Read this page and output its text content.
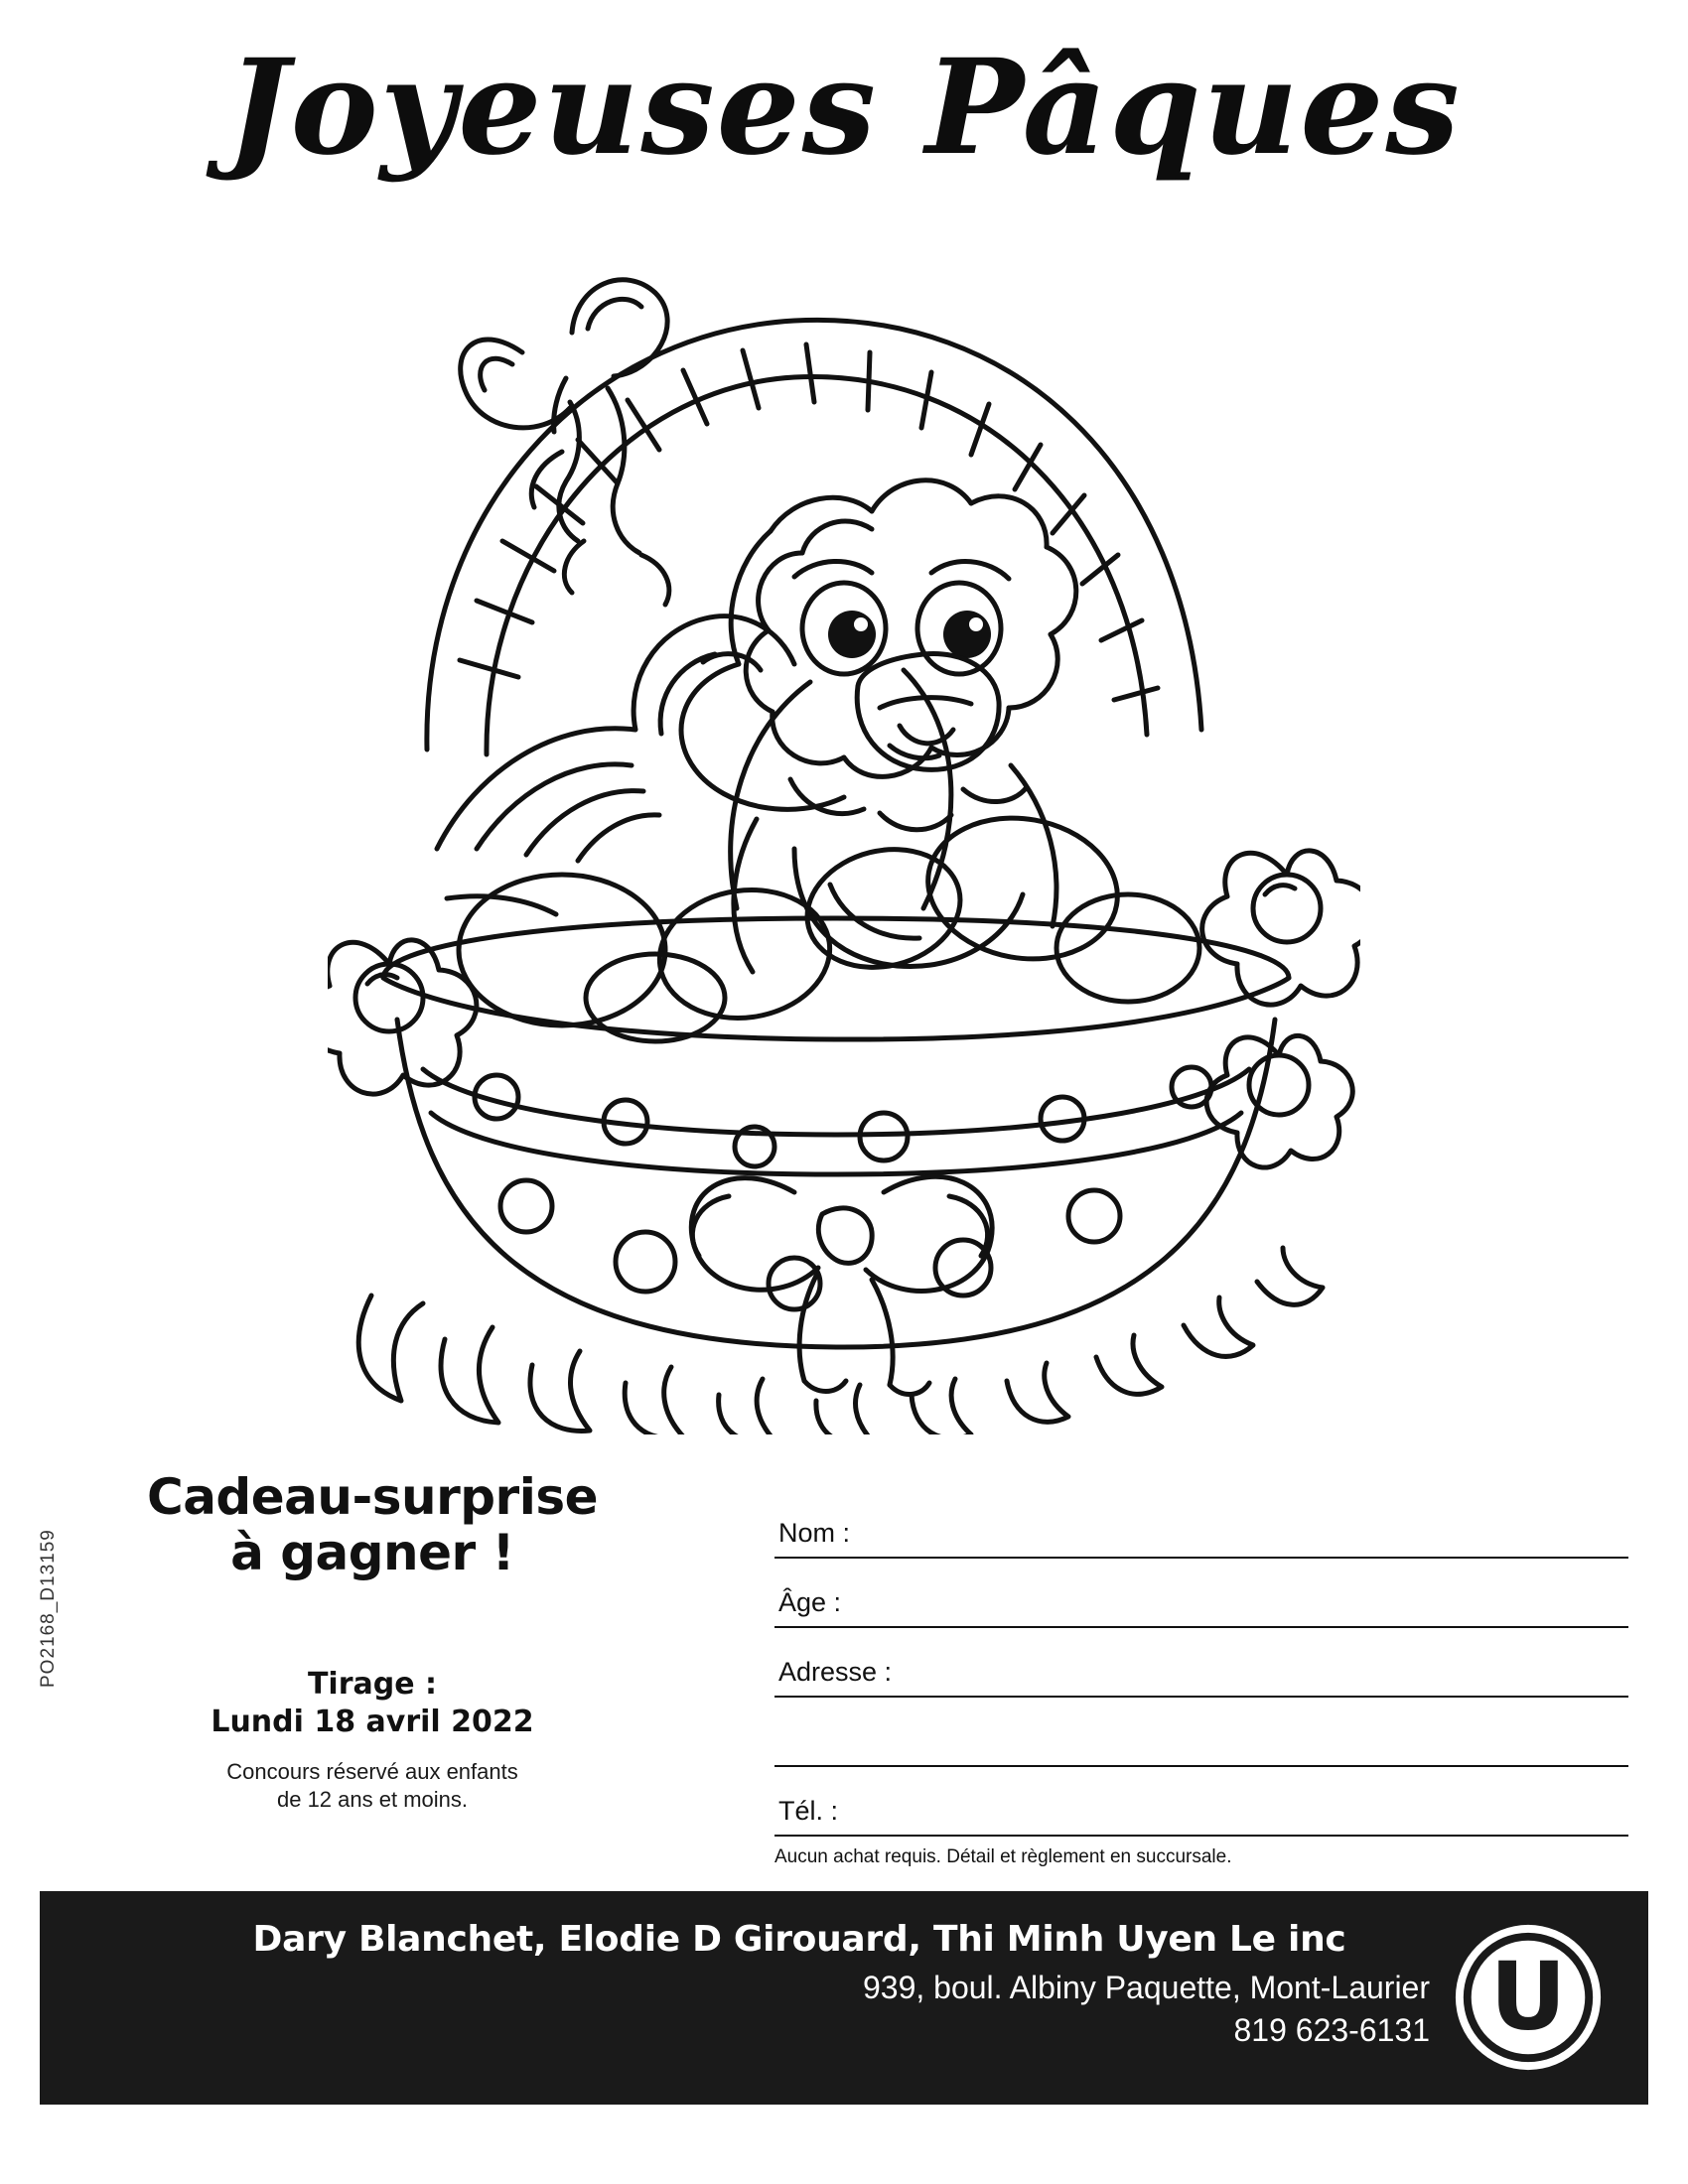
Joyeuses Pâques
Cadeau-surprise
à gagner !
Tirage :
Lundi 18 avril 2022
Concours réservé aux enfants
de 12 ans et moins.
PO2168_D13159	Nom :
Âge :
Adresse :
Tél. :
Aucun achat requis. Détail et règlement en succursale.
Dary Blanchet, Elodie D Girouard, Thi Minh Uyen Le inc
939, boul. Albiny Paquette, Mont-Laurier
819 623-6131 U
